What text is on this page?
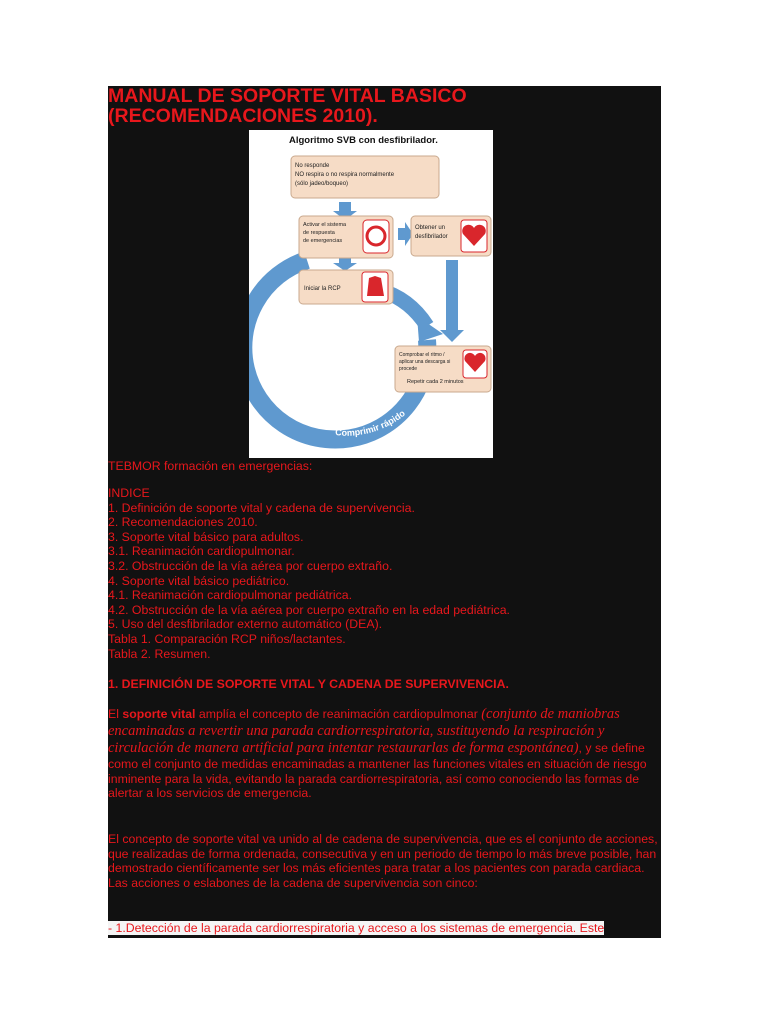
MANUAL DE SOPORTE VITAL BASICO (RECOMENDACIONES 2010).
Algoritmo SVB con desfibrilador.
No responde NO respira o no respira normalmente (sólo jadeo/boqueo)
Activar el sistema de respuesta de emergencias
Obtener un desfibrilador
Iniciar la RCP
Comprobar el ritmo / aplicar una descarga si procede Repetir cada 2 minutos
Comprimir fuerte
Comprimir rápido

TEBMOR formación en emergencias:

INDICE

1. Definición de soporte vital y cadena de supervivencia.
2. Recomendaciones 2010.
3. Soporte vital básico para adultos.
3.1. Reanimación cardiopulmonar.
3.2. Obstrucción de la vía aérea por cuerpo extraño.
4. Soporte vital básico pediátrico.
4.1. Reanimación cardiopulmonar pediátrica.
4.2. Obstrucción de la vía aérea por cuerpo extraño en la edad pediátrica.
5. Uso del desfibrilador externo automático (DEA).
Tabla 1. Comparación RCP niños/lactantes.
Tabla 2. Resumen.

1. DEFINICIÓN DE SOPORTE VITAL Y CADENA DE SUPERVIVENCIA.

El soporte vital amplía el concepto de reanimación cardiopulmonar (conjunto de maniobras encaminadas a revertir una parada cardiorrespiratoria, sustituyendo la respiración y circulación de manera artificial para intentar restaurarlas de forma espontánea), y se define como el conjunto de medidas encaminadas a mantener las funciones vitales en situación de riesgo inminente para la vida, evitando la parada cardiorrespiratoria, así como conociendo las formas de alertar a los servicios de emergencia.

El concepto de soporte vital va unido al de cadena de supervivencia, que es el conjunto de acciones, que realizadas de forma ordenada, consecutiva y en un periodo de tiempo lo más breve posible, han demostrado científicamente ser los más eficientes para tratar a los pacientes con parada cardiaca. Las acciones o eslabones de la cadena de supervivencia son cinco:

- 1.Detección de la parada cardiorrespiratoria y acceso a los sistemas de emergencia. Este
